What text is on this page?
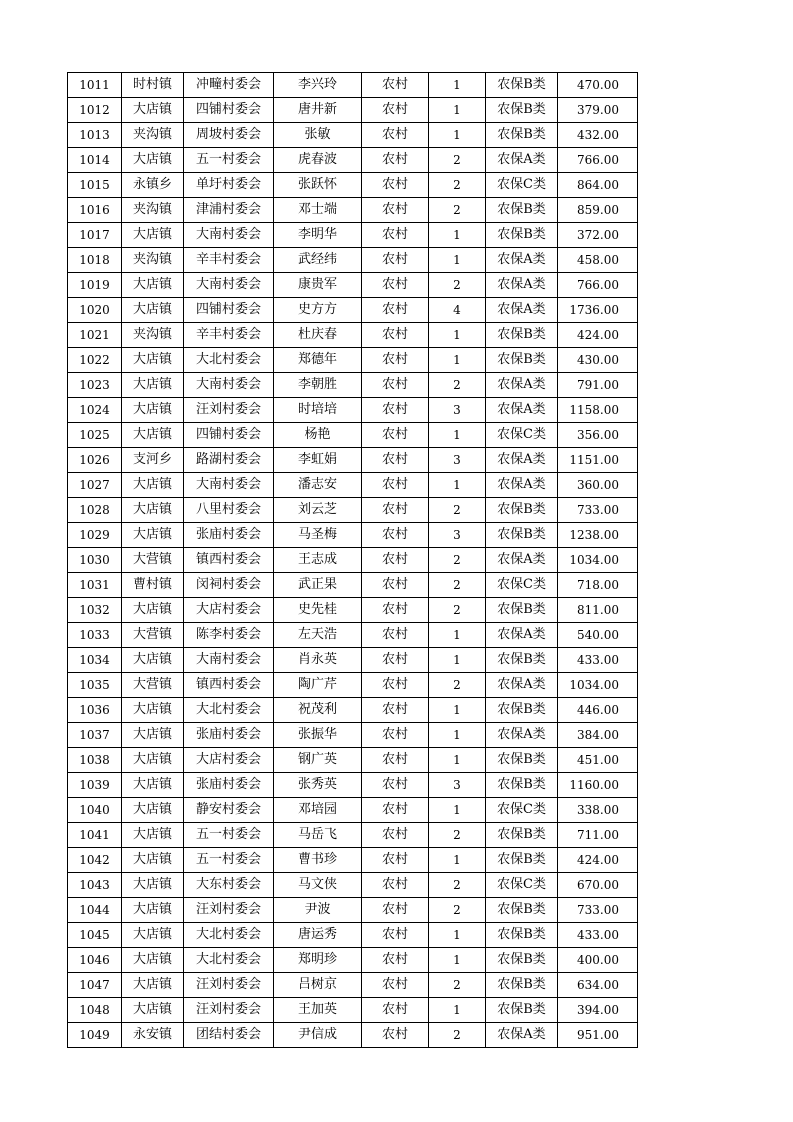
1011	时村镇	冲疃村委会	李兴玲	农村	1	农保B类	470.00
1012	大店镇	四铺村委会	唐井新	农村	1	农保B类	379.00
1013	夹沟镇	周坡村委会	张敏	农村	1	农保B类	432.00
1014	大店镇	五一村委会	虎春波	农村	2	农保A类	766.00
1015	永镇乡	单圩村委会	张跃怀	农村	2	农保C类	864.00
1016	夹沟镇	津浦村委会	邓士端	农村	2	农保B类	859.00
1017	大店镇	大南村委会	李明华	农村	1	农保B类	372.00
1018	夹沟镇	辛丰村委会	武经纬	农村	1	农保A类	458.00
1019	大店镇	大南村委会	康贵军	农村	2	农保A类	766.00
1020	大店镇	四铺村委会	史方方	农村	4	农保A类	1736.00
1021	夹沟镇	辛丰村委会	杜庆春	农村	1	农保B类	424.00
1022	大店镇	大北村委会	郑德年	农村	1	农保B类	430.00
1023	大店镇	大南村委会	李朝胜	农村	2	农保A类	791.00
1024	大店镇	汪刘村委会	时培培	农村	3	农保A类	1158.00
1025	大店镇	四铺村委会	杨艳	农村	1	农保C类	356.00
1026	支河乡	路湖村委会	李虹娟	农村	3	农保A类	1151.00
1027	大店镇	大南村委会	潘志安	农村	1	农保A类	360.00
1028	大店镇	八里村委会	刘云芝	农村	2	农保B类	733.00
1029	大店镇	张庙村委会	马圣梅	农村	3	农保B类	1238.00
1030	大营镇	镇西村委会	王志成	农村	2	农保A类	1034.00
1031	曹村镇	闵祠村委会	武正果	农村	2	农保C类	718.00
1032	大店镇	大店村委会	史先桂	农村	2	农保B类	811.00
1033	大营镇	陈李村委会	左天浩	农村	1	农保A类	540.00
1034	大店镇	大南村委会	肖永英	农村	1	农保B类	433.00
1035	大营镇	镇西村委会	陶广芹	农村	2	农保A类	1034.00
1036	大店镇	大北村委会	祝茂利	农村	1	农保B类	446.00
1037	大店镇	张庙村委会	张振华	农村	1	农保A类	384.00
1038	大店镇	大店村委会	钢广英	农村	1	农保B类	451.00
1039	大店镇	张庙村委会	张秀英	农村	3	农保B类	1160.00
1040	大店镇	静安村委会	邓培园	农村	1	农保C类	338.00
1041	大店镇	五一村委会	马岳飞	农村	2	农保B类	711.00
1042	大店镇	五一村委会	曹书珍	农村	1	农保B类	424.00
1043	大店镇	大东村委会	马文侠	农村	2	农保C类	670.00
1044	大店镇	汪刘村委会	尹波	农村	2	农保B类	733.00
1045	大店镇	大北村委会	唐运秀	农村	1	农保B类	433.00
1046	大店镇	大北村委会	郑明珍	农村	1	农保B类	400.00
1047	大店镇	汪刘村委会	吕树京	农村	2	农保B类	634.00
1048	大店镇	汪刘村委会	王加英	农村	1	农保B类	394.00
1049	永安镇	团结村委会	尹信成	农村	2	农保A类	951.00
